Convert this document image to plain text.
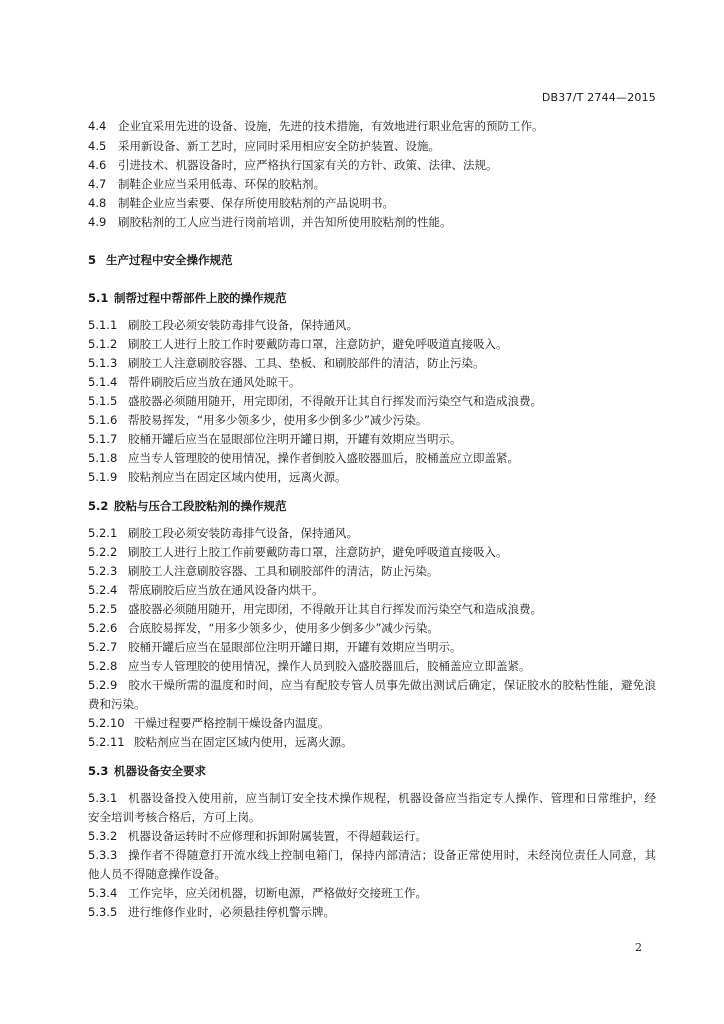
DB37/T 2744—2015
4.4 企业宜采用先进的设备、设施，先进的技术措施，有效地进行职业危害的预防工作。
4.5 采用新设备、新工艺时，应同时采用相应安全防护装置、设施。
4.6 引进技术、机器设备时，应严格执行国家有关的方针、政策、法律、法规。
4.7 制鞋企业应当采用低毒、环保的胶粘剂。
4.8 制鞋企业应当索要、保存所使用胶粘剂的产品说明书。
4.9 刷胶粘剂的工人应当进行岗前培训，并告知所使用胶粘剂的性能。
5 生产过程中安全操作规范
5.1 制帮过程中帮部件上胶的操作规范
5.1.1 刷胶工段必须安装防毒排气设备，保持通风。
5.1.2 刷胶工人进行上胶工作时要戴防毒口罩，注意防护，避免呼吸道直接吸入。
5.1.3 刷胶工人注意刷胶容器、工具、垫板、和刷胶部件的清洁，防止污染。
5.1.4 帮件刷胶后应当放在通风处晾干。
5.1.5 盛胶器必须随用随开，用完即闭，不得敞开让其自行挥发而污染空气和造成浪费。
5.1.6 帮胶易挥发，“用多少领多少，使用多少倒多少”减少污染。
5.1.7 胶桶开罐后应当在显眼部位注明开罐日期，开罐有效期应当明示。
5.1.8 应当专人管理胶的使用情况，操作者倒胶入盛胶器皿后，胶桶盖应立即盖紧。
5.1.9 胶粘剂应当在固定区域内使用，远离火源。
5.2 胶粘与压合工段胶粘剂的操作规范
5.2.1 刷胶工段必须安装防毒排气设备，保持通风。
5.2.2 刷胶工人进行上胶工作前要戴防毒口罩，注意防护，避免呼吸道直接吸入。
5.2.3 刷胶工人注意刷胶容器、工具和刷胶部件的清洁，防止污染。
5.2.4 帮底刷胶后应当放在通风设备内烘干。
5.2.5 盛胶器必须随用随开，用完即闭，不得敞开让其自行挥发而污染空气和造成浪费。
5.2.6 合底胶易挥发，“用多少领多少，使用多少倒多少”减少污染。
5.2.7 胶桶开罐后应当在显眼部位注明开罐日期，开罐有效期应当明示。
5.2.8 应当专人管理胶的使用情况，操作人员到胶入盛胶器皿后，胶桶盖应立即盖紧。
5.2.9 胶水干燥所需的温度和时间，应当有配胶专管人员事先做出测试后确定，保证胶水的胶粘性能，避免浪费和污染。
5.2.10 干燥过程要严格控制干燥设备内温度。
5.2.11 胶粘剂应当在固定区域内使用，远离火源。
5.3 机器设备安全要求
5.3.1 机器设备投入使用前，应当制订安全技术操作规程，机器设备应当指定专人操作、管理和日常维护，经安全培训考核合格后，方可上岗。
5.3.2 机器设备运转时不应修理和拆卸附属装置，不得超载运行。
5.3.3 操作者不得随意打开流水线上控制电箱门，保持内部清洁；设备正常使用时，未经岗位责任人同意，其他人员不得随意操作设备。
5.3.4 工作完毕，应关闭机器，切断电源，严格做好交接班工作。
5.3.5 进行维修作业时，必须悬挂停机警示牌。
2
